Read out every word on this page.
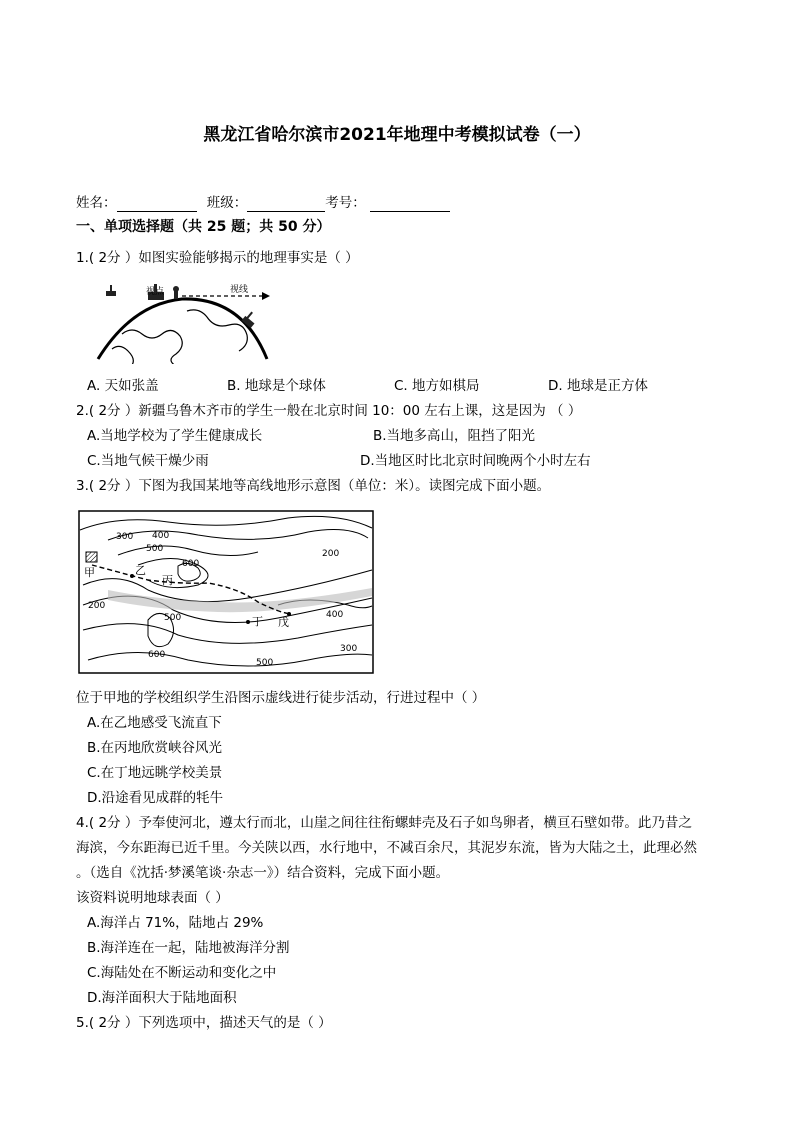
黑龙江省哈尔滨市2021年地理中考模拟试卷（一）
姓名：	班级：	考号：
一、单项选择题（共 25 题；共 50 分）
1.( 2分 ）如图实验能够揭示的地理事实是（ ）
视点	视线
A. 天如张盖	B. 地球是个球体	C. 地方如棋局	D. 地球是正方体
2.( 2分 ）新疆乌鲁木齐市的学生一般在北京时间 10：00 左右上课，这是因为 （ ）
A.当地学校为了学生健康成长	B.当地多高山，阻挡了阳光
C.当地气候干燥少雨	D.当地区时比北京时间晚两个小时左右
3.( 2分 ）下图为我国某地等高线地形示意图（单位：米）。读图完成下面小题。
300 400
500
600
200
500
200
400
600
300
500
甲	乙
丙
丁 戊
位于甲地的学校组织学生沿图示虚线进行徒步活动，行进过程中（ ）
A.在乙地感受飞流直下
B.在丙地欣赏峡谷风光
C.在丁地远眺学校美景
D.沿途看见成群的牦牛
4.( 2分 ）予奉使河北，遵太行而北，山崖之间往往衔螺蚌壳及石子如鸟卵者，横亘石壁如带。此乃昔之
海滨，今东距海已近千里。今关陕以西，水行地中，不减百余尺，其泥岁东流，皆为大陆之土，此理必然
。（选自《沈括·梦溪笔谈·杂志一》）结合资料，完成下面小题。
该资料说明地球表面（ ）
A.海洋占 71%，陆地占 29%
B.海洋连在一起，陆地被海洋分割
C.海陆处在不断运动和变化之中
D.海洋面积大于陆地面积
5.( 2分 ）下列选项中，描述天气的是（ ）
